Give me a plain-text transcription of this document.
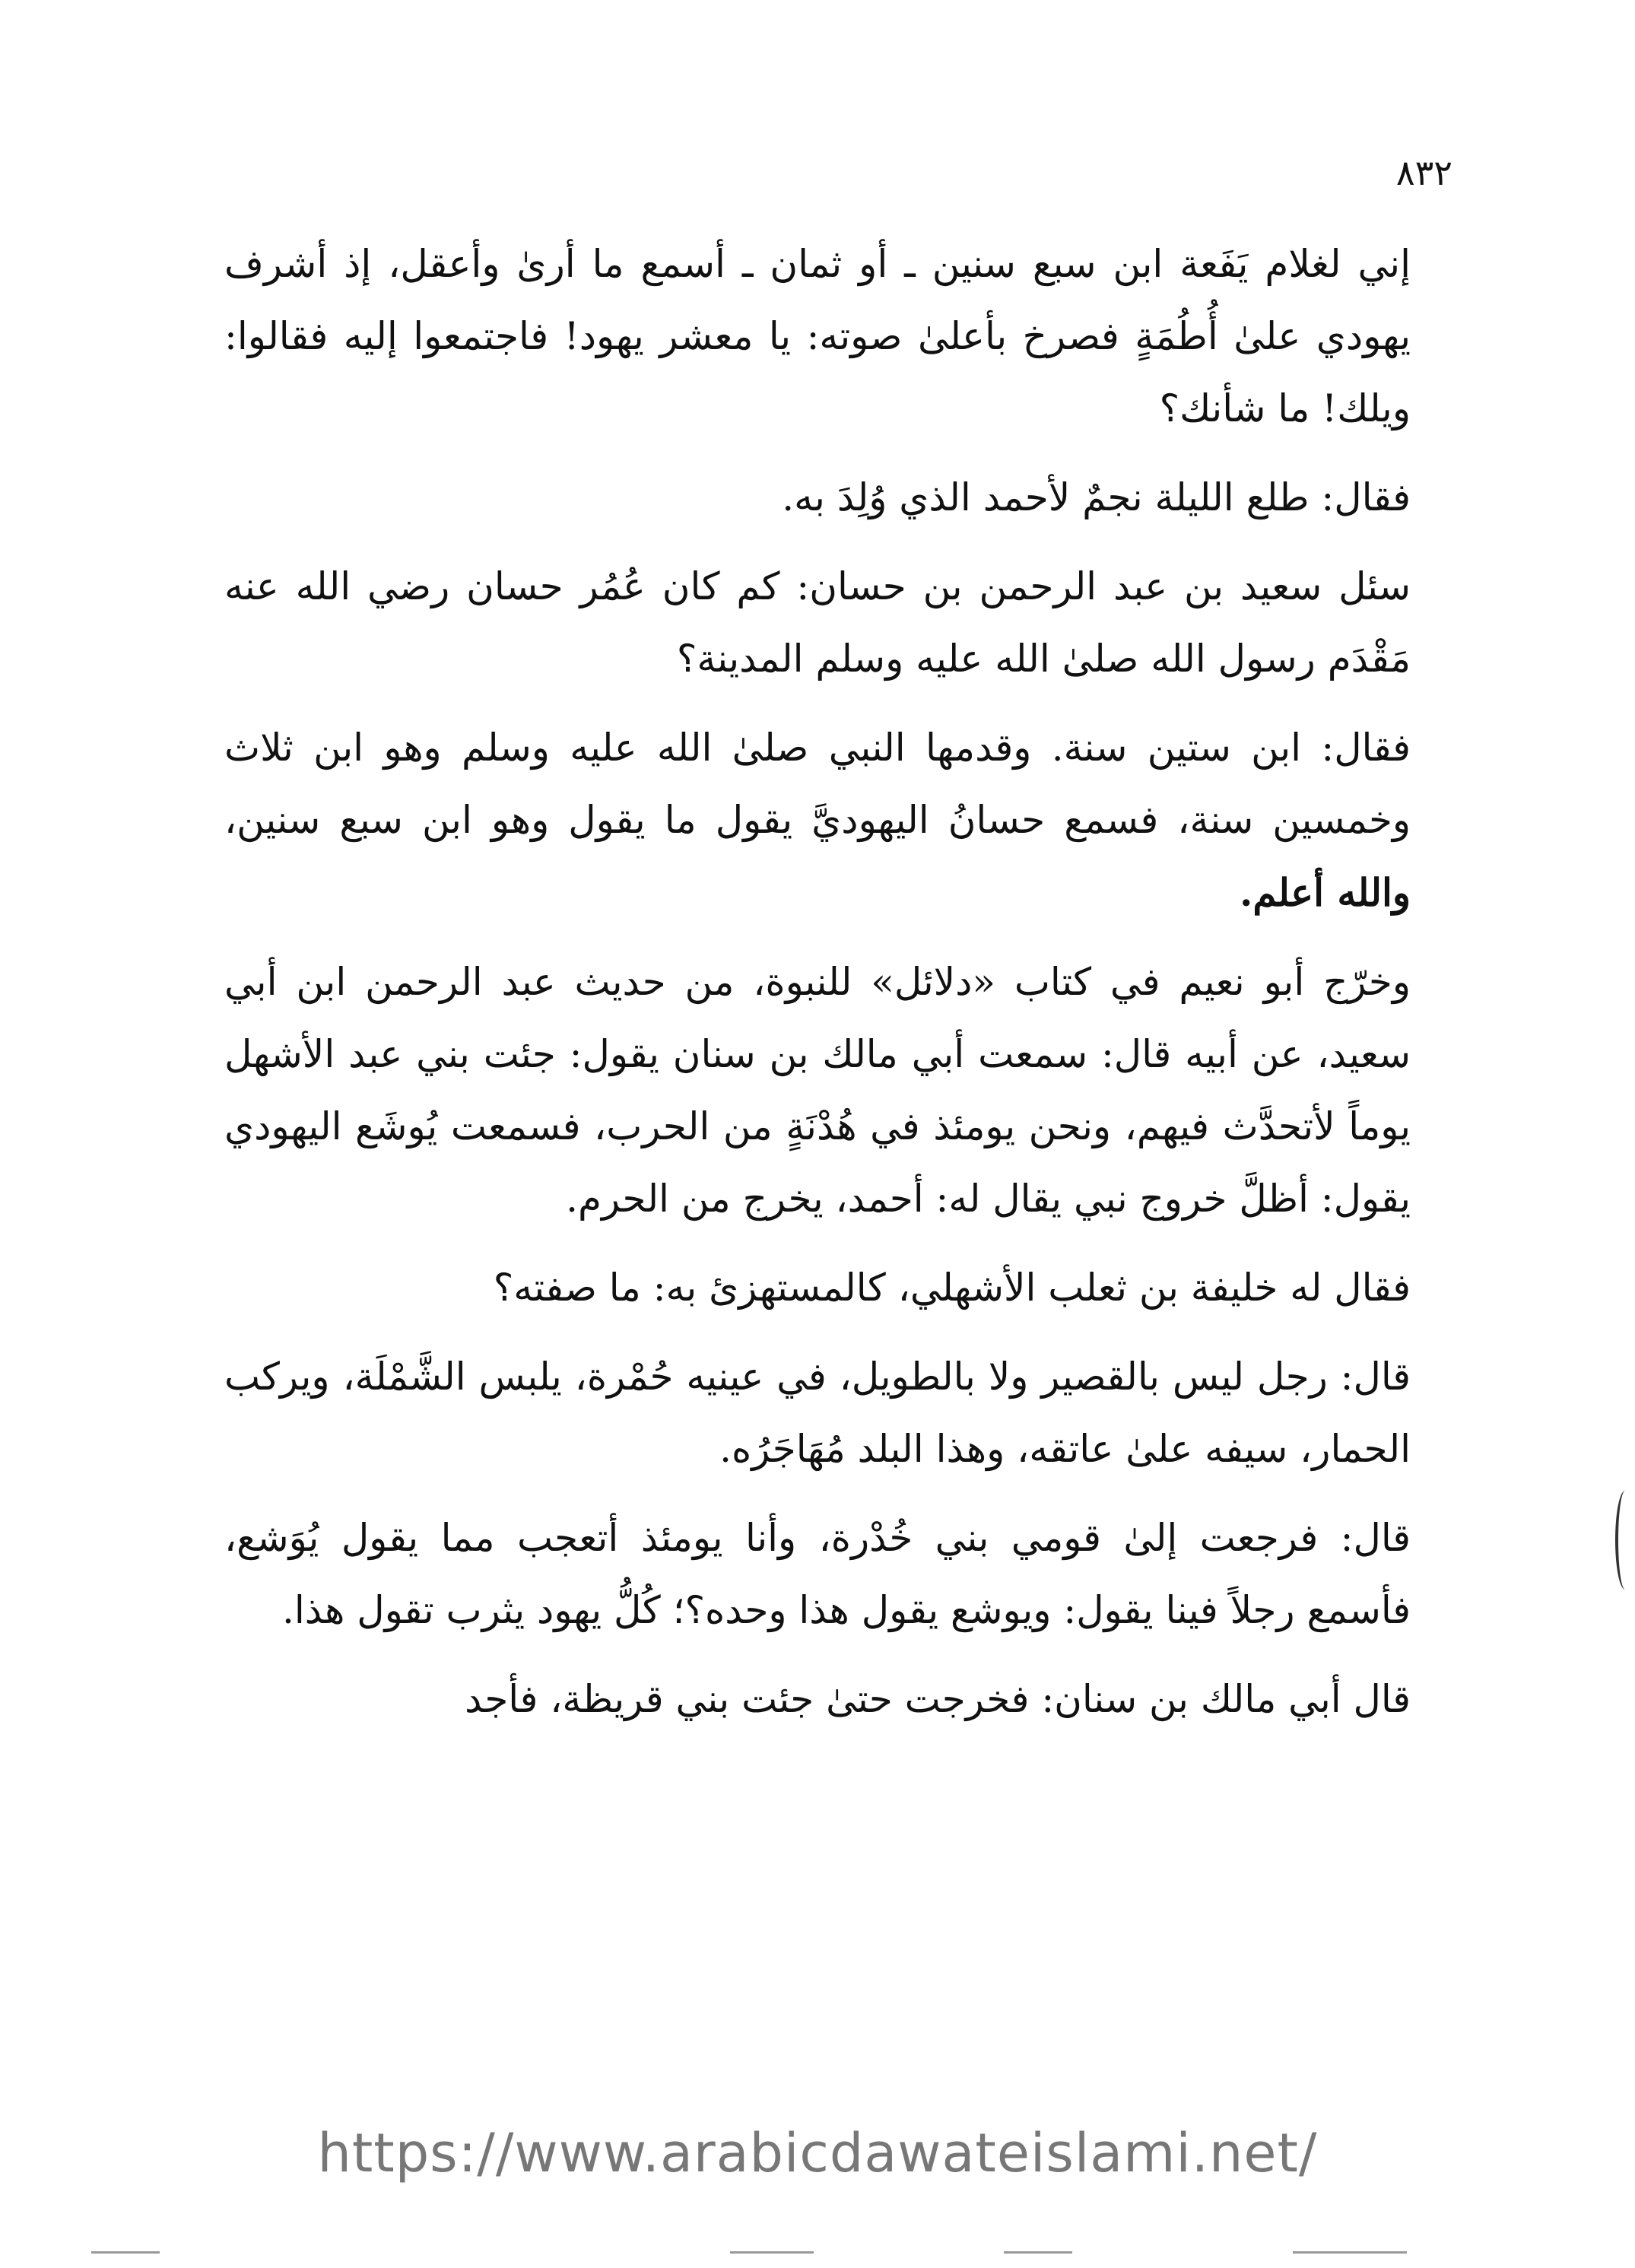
٨٣٢

إني لغلام يَفَعة ابن سبع سنين ـ أو ثمان ـ أسمع ما أرىٰ وأعقل، إذ أشرف يهودي علىٰ أُطُمَةٍ فصرخ بأعلىٰ صوته: يا معشر يهود! فاجتمعوا إليه فقالوا: ويلك! ما شأنك؟

فقال: طلع الليلة نجمٌ لأحمد الذي وُلِدَ به.

سئل سعيد بن عبد الرحمن بن حسان: كم كان عُمُر حسان رضي الله عنه مَقْدَم رسول الله صلىٰ الله عليه وسلم المدينة؟

فقال: ابن ستين سنة. وقدمها النبي صلىٰ الله عليه وسلم وهو ابن ثلاث وخمسين سنة، فسمع حسانُ اليهوديَّ يقول ما يقول وهو ابن سبع سنين، والله أعلم.

وخرّج أبو نعيم في كتاب «دلائل» للنبوة، من حديث عبد الرحمن ابن أبي سعيد، عن أبيه قال: سمعت أبي مالك بن سنان يقول: جئت بني عبد الأشهل يوماً لأتحدَّث فيهم، ونحن يومئذ في هُدْنَةٍ من الحرب، فسمعت يُوشَع اليهودي يقول: أظلَّ خروج نبي يقال له: أحمد، يخرج من الحرم.

فقال له خليفة بن ثعلب الأشهلي، كالمستهزئ به: ما صفته؟

قال: رجل ليس بالقصير ولا بالطويل، في عينيه حُمْرة، يلبس الشَّمْلَة، ويركب الحمار، سيفه علىٰ عاتقه، وهذا البلد مُهَاجَرُه.

قال: فرجعت إلىٰ قومي بني خُدْرة، وأنا يومئذ أتعجب مما يقول يُوَشع، فأسمع رجلاً فينا يقول: ويوشع يقول هذا وحده؟؛ كُلُّ يهود يثرب تقول هذا.

قال أبي مالك بن سنان: فخرجت حتىٰ جئت بني قريظة، فأجد

https://www.arabicdawateislami.net/
